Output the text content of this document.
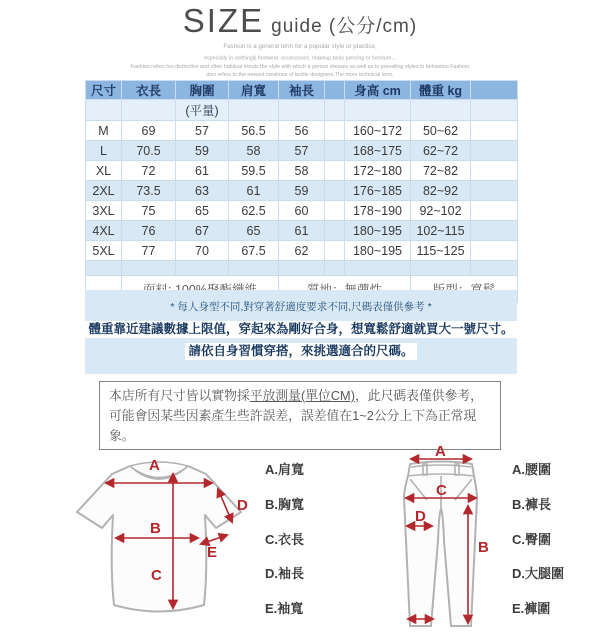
SIZE guide (公分/cm)
Fashion is a general term for a popular style or practice,
especially in clothing& footwear, accessories, makeup,body piercing or furniture...
Fashion refers too distinctive and often habitual trends the style with which a person dresses as well as to prevailing styles in behaviour.Fashion
also refers to the newest creations of textile designers.The more technical term,
尺寸	衣長	胸圍	肩寬	袖長		身高 cm	體重 kg	
		(平量)						
M	69	57	56.5	56		160~172	50~62	
L	70.5	59	58	57		168~175	62~72	
XL	72	61	59.5	58		172~180	72~82	
2XL	73.5	63	61	59		176~185	82~92	
3XL	75	65	62.5	60		178~190	92~102	
4XL	76	67	65	61		180~195	102~115	
5XL	77	70	67.5	62		180~195	115~125	

* 每人身型不同,對穿著舒適度要求不同,尺碼表僅供參考 *
體重靠近建議數據上限值，穿起來為剛好合身，想寬鬆舒適就買大一號尺寸。
請依自身習慣穿搭，來挑選適合的尺碼。
本店所有尺寸皆以實物採平放測量(單位CM)，此尺碼表僅供參考，可能會因某些因素產生些許誤差，誤差值在1~2公分上下為正常現象。
A
B
C
D
E
A.肩寬
B.胸寬
C.衣長
D.袖長
E.袖寬
A
C
D
B
A.腰圍
B.褲長
C.臀圍
D.大腿圍
E.褲圍
